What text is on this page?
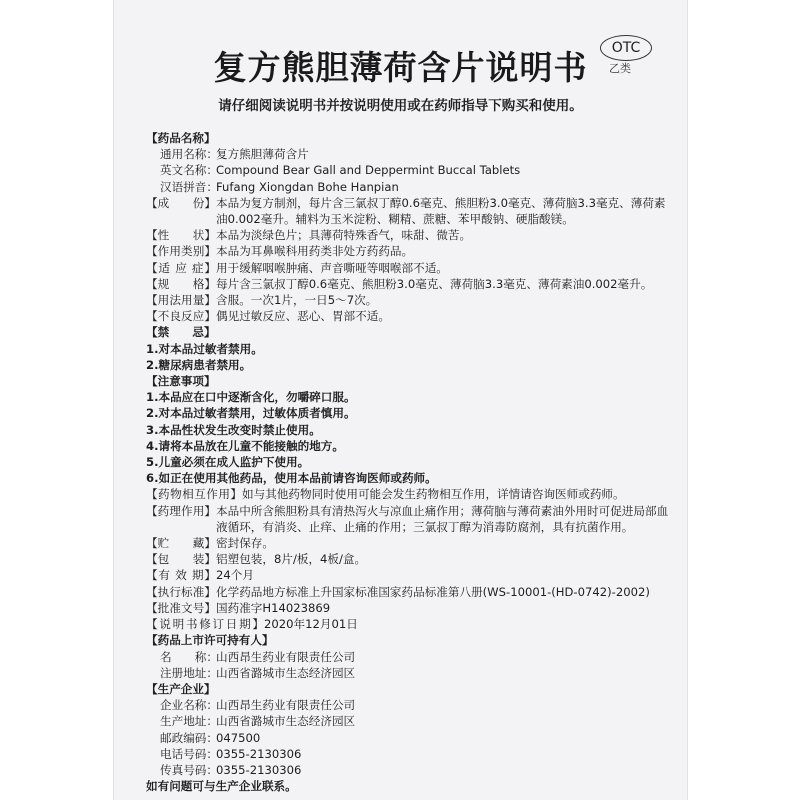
复方熊胆薄荷含片说明书	OTC
乙类
请仔细阅读说明书并按说明使用或在药师指导下购买和使用。
【药品名称】
通用名称：
复方熊胆薄荷含片
英文名称：
Compound Bear Gall and Deppermint Buccal Tablets
汉语拼音：
Fufang Xiongdan Bohe Hanpian
【成　　份】 本品为复方制剂，每片含三氯叔丁醇0.6毫克、熊胆粉3.0毫克、薄荷脑3.3毫克、薄荷素油0.002毫升。辅料为玉米淀粉、糊精、蔗糖、苯甲酸钠、硬脂酸镁。
【性　　状】 本品为淡绿色片；具薄荷特殊香气，味甜、微苦。
【作用类别】 本品为耳鼻喉科用药类非处方药药品。
【适 应 症】 用于缓解咽喉肿痛、声音嘶哑等咽喉部不适。
【规　　格】 每片含三氯叔丁醇0.6毫克、熊胆粉3.0毫克、薄荷脑3.3毫克、薄荷素油0.002毫升。
【用法用量】 含服。一次1片，一日5～7次。
【不良反应】 偶见过敏反应、恶心、胃部不适。
【禁　　忌】
1.对本品过敏者禁用。
2.糖尿病患者禁用。
【注意事项】
1.本品应在口中逐渐含化，勿嚼碎口服。
2.对本品过敏者禁用，过敏体质者慎用。
3.本品性状发生改变时禁止使用。
4.请将本品放在儿童不能接触的地方。
5.儿童必须在成人监护下使用。
6.如正在使用其他药品，使用本品前请咨询医师或药师。
【药物相互作用】 如与其他药物同时使用可能会发生药物相互作用，详情请咨询医师或药师。
【药理作用】 本品中所含熊胆粉具有清热泻火与凉血止痛作用；薄荷脑与薄荷素油外用时可促进局部血液循环，有消炎、止痒、止痛的作用；三氯叔丁醇为消毒防腐剂，具有抗菌作用。
【贮　　藏】 密封保存。
【包　　装】 铝塑包装，8片/板，4板/盒。
【有 效 期】 24个月
【执行标准】 化学药品地方标准上升国家标准国家药品标准第八册(WS-10001-(HD-0742)-2002)
【批准文号】 国药准字H14023869
【说明书修订日期】 2020年12月01日
【药品上市许可持有人】
名　　称：
山西昂生药业有限责任公司
注册地址：
山西省潞城市生态经济园区
【生产企业】
企业名称：
山西昂生药业有限责任公司
生产地址：
山西省潞城市生态经济园区
邮政编码：
047500
电话号码：
0355-2130306
传真号码：
0355-2130306
如有问题可与生产企业联系。
